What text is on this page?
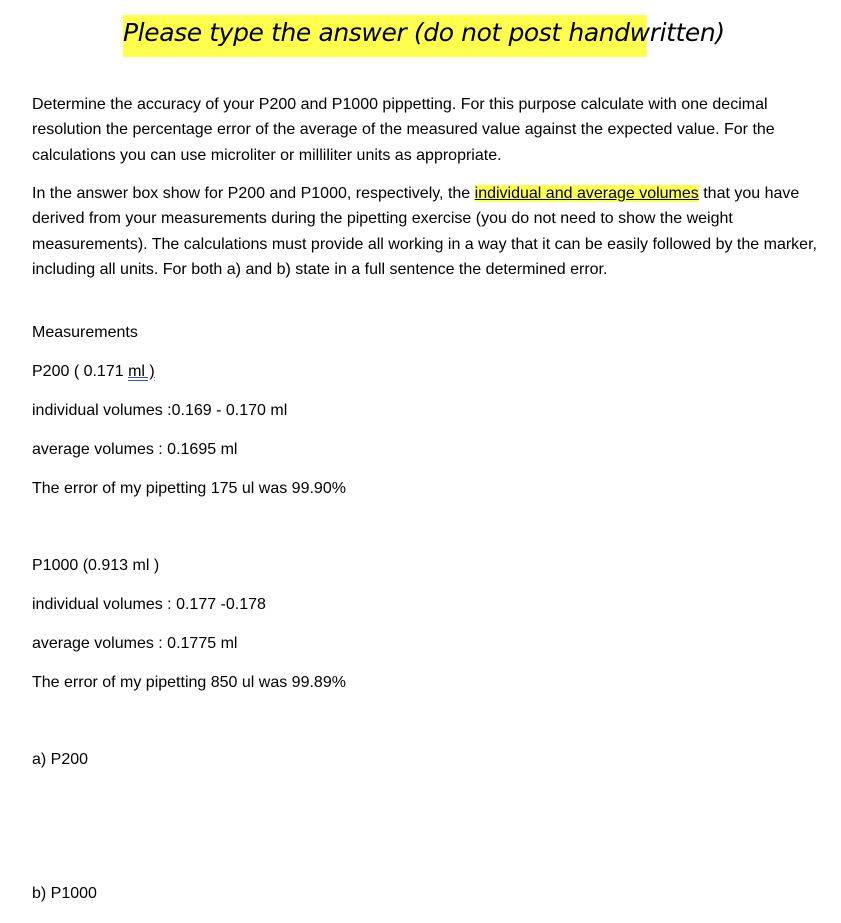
Please type the answer (do not post handwritten)

Determine the accuracy of your P200 and P1000 pippetting. For this purpose calculate with one decimal resolution the percentage error of the average of the measured value against the expected value. For the calculations you can use microliter or milliliter units as appropriate.

In the answer box show for P200 and P1000, respectively, the individual and average volumes that you have derived from your measurements during the pipetting exercise (you do not need to show the weight measurements). The calculations must provide all working in a way that it can be easily followed by the marker, including all units. For both a) and b) state in a full sentence the determined error.

Measurements

P200 ( 0.171 ml )

individual volumes :0.169 - 0.170 ml

average volumes : 0.1695 ml

The error of my pipetting 175 ul was 99.90%

P1000 (0.913 ml )

individual volumes : 0.177 -0.178

average volumes : 0.1775 ml

The error of my pipetting 850 ul was 99.89%

a) P200

b) P1000
